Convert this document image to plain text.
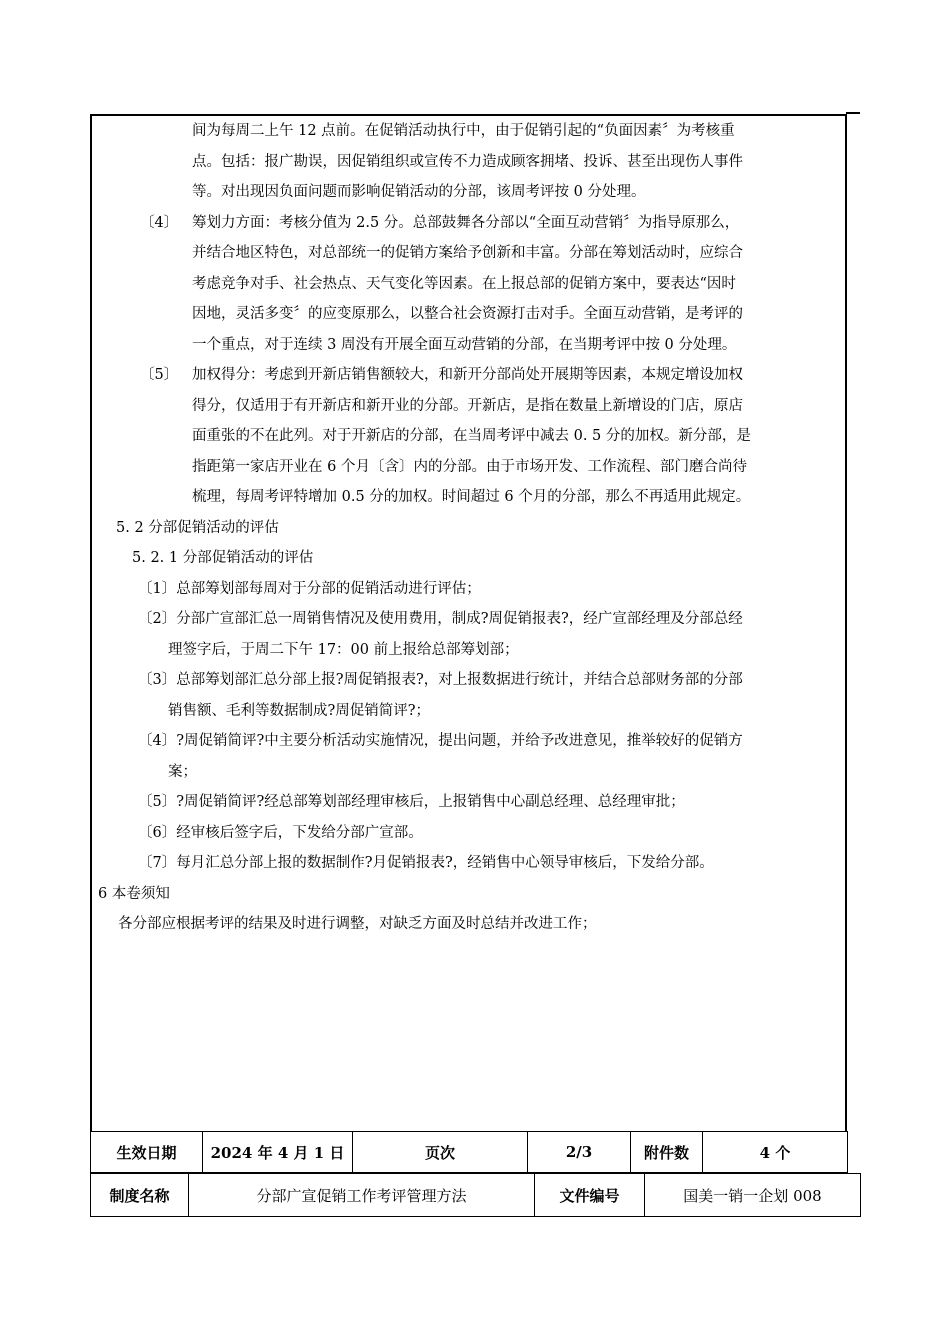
间为每周二上午 12 点前。在促销活动执行中，由于促销引起的“负面因素〞为考核重
点。包括：报广勘误，因促销组织或宣传不力造成顾客拥堵、投诉、甚至出现伤人事件
等。对出现因负面问题而影响促销活动的分部，该周考评按 0 分处理。
〔4〕 筹划力方面：考核分值为 2.5 分。总部鼓舞各分部以“全面互动营销〞为指导原那么，
并结合地区特色，对总部统一的促销方案给予创新和丰富。分部在筹划活动时，应综合
考虑竞争对手、社会热点、天气变化等因素。在上报总部的促销方案中，要表达“因时
因地，灵活多变〞的应变原那么，以整合社会资源打击对手。全面互动营销，是考评的
一个重点，对于连续 3 周没有开展全面互动营销的分部，在当期考评中按 0 分处理。
〔5〕 加权得分：考虑到开新店销售额较大，和新开分部尚处开展期等因素，本规定增设加权
得分，仅适用于有开新店和新开业的分部。开新店，是指在数量上新增设的门店，原店
面重张的不在此列。对于开新店的分部，在当周考评中减去 0. 5 分的加权。新分部，是
指距第一家店开业在 6 个月〔含〕内的分部。由于市场开发、工作流程、部门磨合尚待
梳理，每周考评特增加 0.5 分的加权。时间超过 6 个月的分部，那么不再适用此规定。
5. 2 分部促销活动的评估
5. 2. 1 分部促销活动的评估
〔1〕总部筹划部每周对于分部的促销活动进行评估；
〔2〕分部广宣部汇总一周销售情况及使用费用，制成?周促销报表?，经广宣部经理及分部总经
理签字后，于周二下午 17：00 前上报给总部筹划部；
〔3〕总部筹划部汇总分部上报?周促销报表?，对上报数据进行统计，并结合总部财务部的分部
销售额、毛利等数据制成?周促销简评?；
〔4〕?周促销简评?中主要分析活动实施情况，提出问题，并给予改进意见，推举较好的促销方
案；
〔5〕?周促销简评?经总部筹划部经理审核后，上报销售中心副总经理、总经理审批；
〔6〕经审核后签字后，下发给分部广宣部。
〔7〕每月汇总分部上报的数据制作?月促销报表?，经销售中心领导审核后，下发给分部。
6 本卷须知
各分部应根据考评的结果及时进行调整，对缺乏方面及时总结并改进工作；
生效日期	2024 年 4 月 1 日	页次	2/3	附件数	4 个
制度名称	分部广宣促销工作考评管理方法	文件编号	国美一销一企划 008
